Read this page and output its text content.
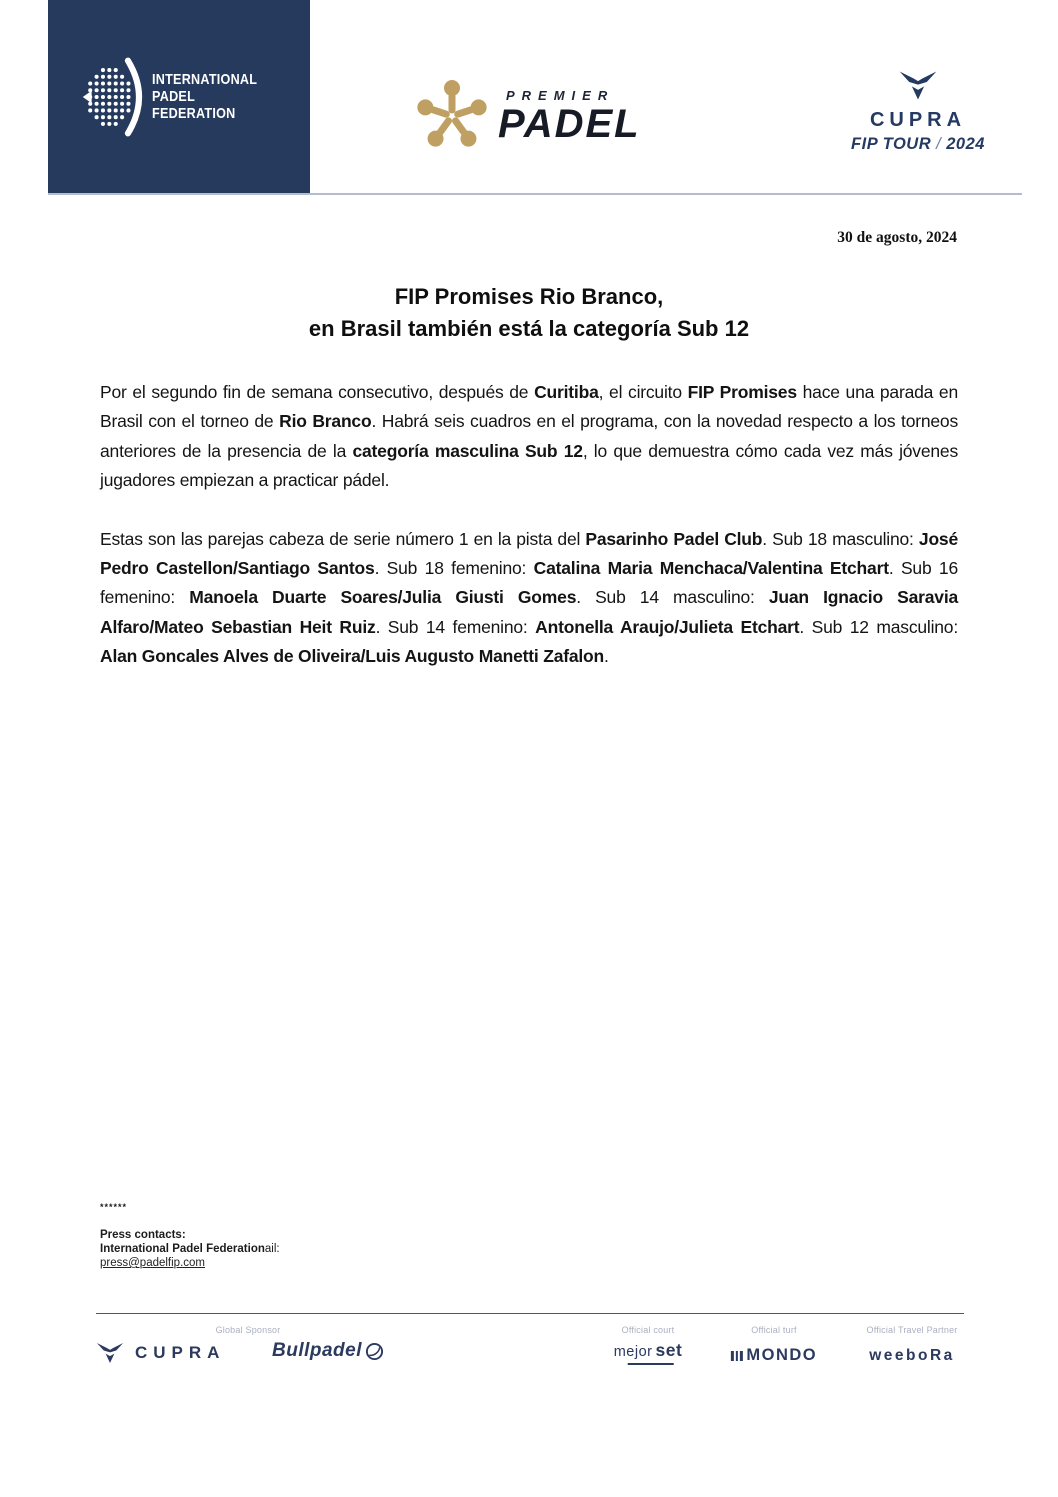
INTERNATIONAL
PADEL
FEDERATION
PREMIER
PADEL	CUPRA
FIP TOUR / 2024
30 de agosto, 2024
FIP Promises Rio Branco,
en Brasil también está la categoría Sub 12

Por el segundo fin de semana consecutivo, después de Curitiba, el circuito FIP Promises hace una parada en Brasil con el torneo de Rio Branco. Habrá seis cuadros en el programa, con la novedad respecto a los torneos anteriores de la presencia de la categoría masculina Sub 12, lo que demuestra cómo cada vez más jóvenes jugadores empiezan a practicar pádel.

Estas son las parejas cabeza de serie número 1 en la pista del Pasarinho Padel Club. Sub 18 masculino: José Pedro Castellon/Santiago Santos. Sub 18 femenino: Catalina Maria Menchaca/Valentina Etchart. Sub 16 femenino: Manoela Duarte Soares/Julia Giusti Gomes. Sub 14 masculino: Juan Ignacio Saravia Alfaro/Mateo Sebastian Heit Ruiz. Sub 14 femenino: Antonella Araujo/Julieta Etchart. Sub 12 masculino: Alan Goncales Alves de Oliveira/Luis Augusto Manetti Zafalon.

******
Press contacts:
International Padel Federationail:
press@padelfip.com
Global Sponsor	Official court	Official turf	Official Travel Partner
CUPRA Bullpadel	mejor set	MONDO	weeboRa
